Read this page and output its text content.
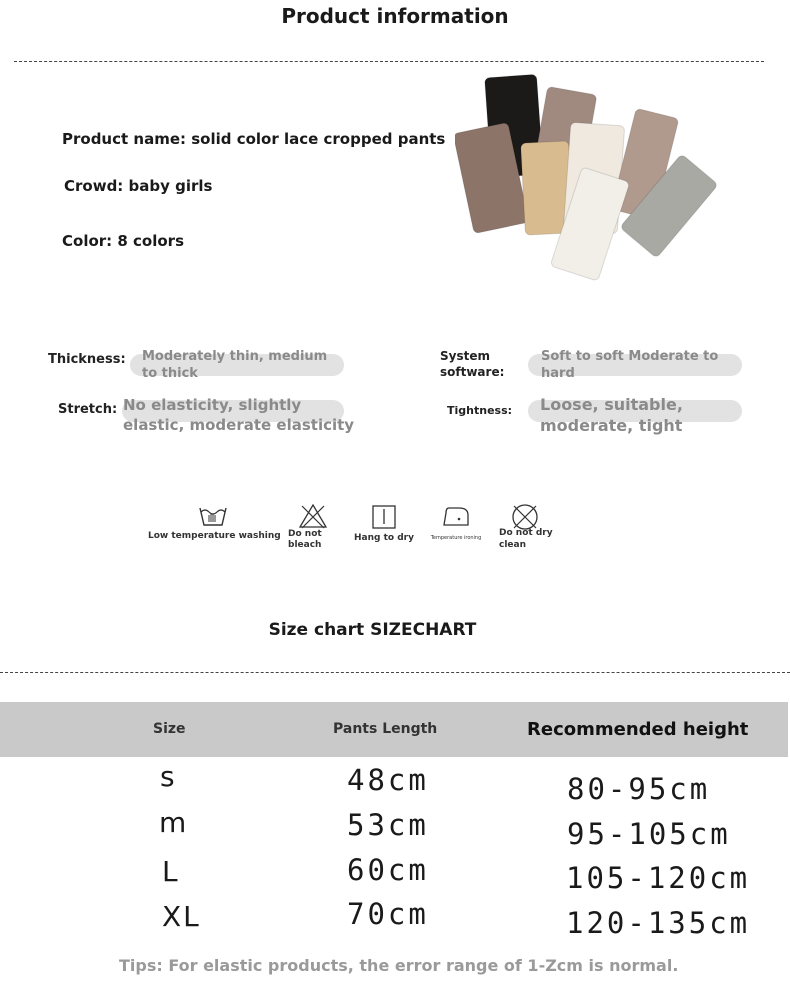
Product information
Product name: solid color lace cropped pants
Crowd: baby girls
Color: 8 colors
Thickness: Moderately thin, medium
to thick
System
software:
Soft to soft Moderate to
hard
Stretch: No elasticity, slightly
elastic, moderate elasticity
Tightness: Loose, suitable,
moderate, tight
Low temperature washing Do not
bleach
Hang to dry	Temperature ironing	Do not dry
clean
Size chart SIZECHART
Size	Pants Length	Recommended height
s	48cm	80-95cm
m	53cm	95-105cm
L	60cm	105-120cm
XL	70cm	120-135cm
Tips: For elastic products, the error range of 1-Zcm is normal.
